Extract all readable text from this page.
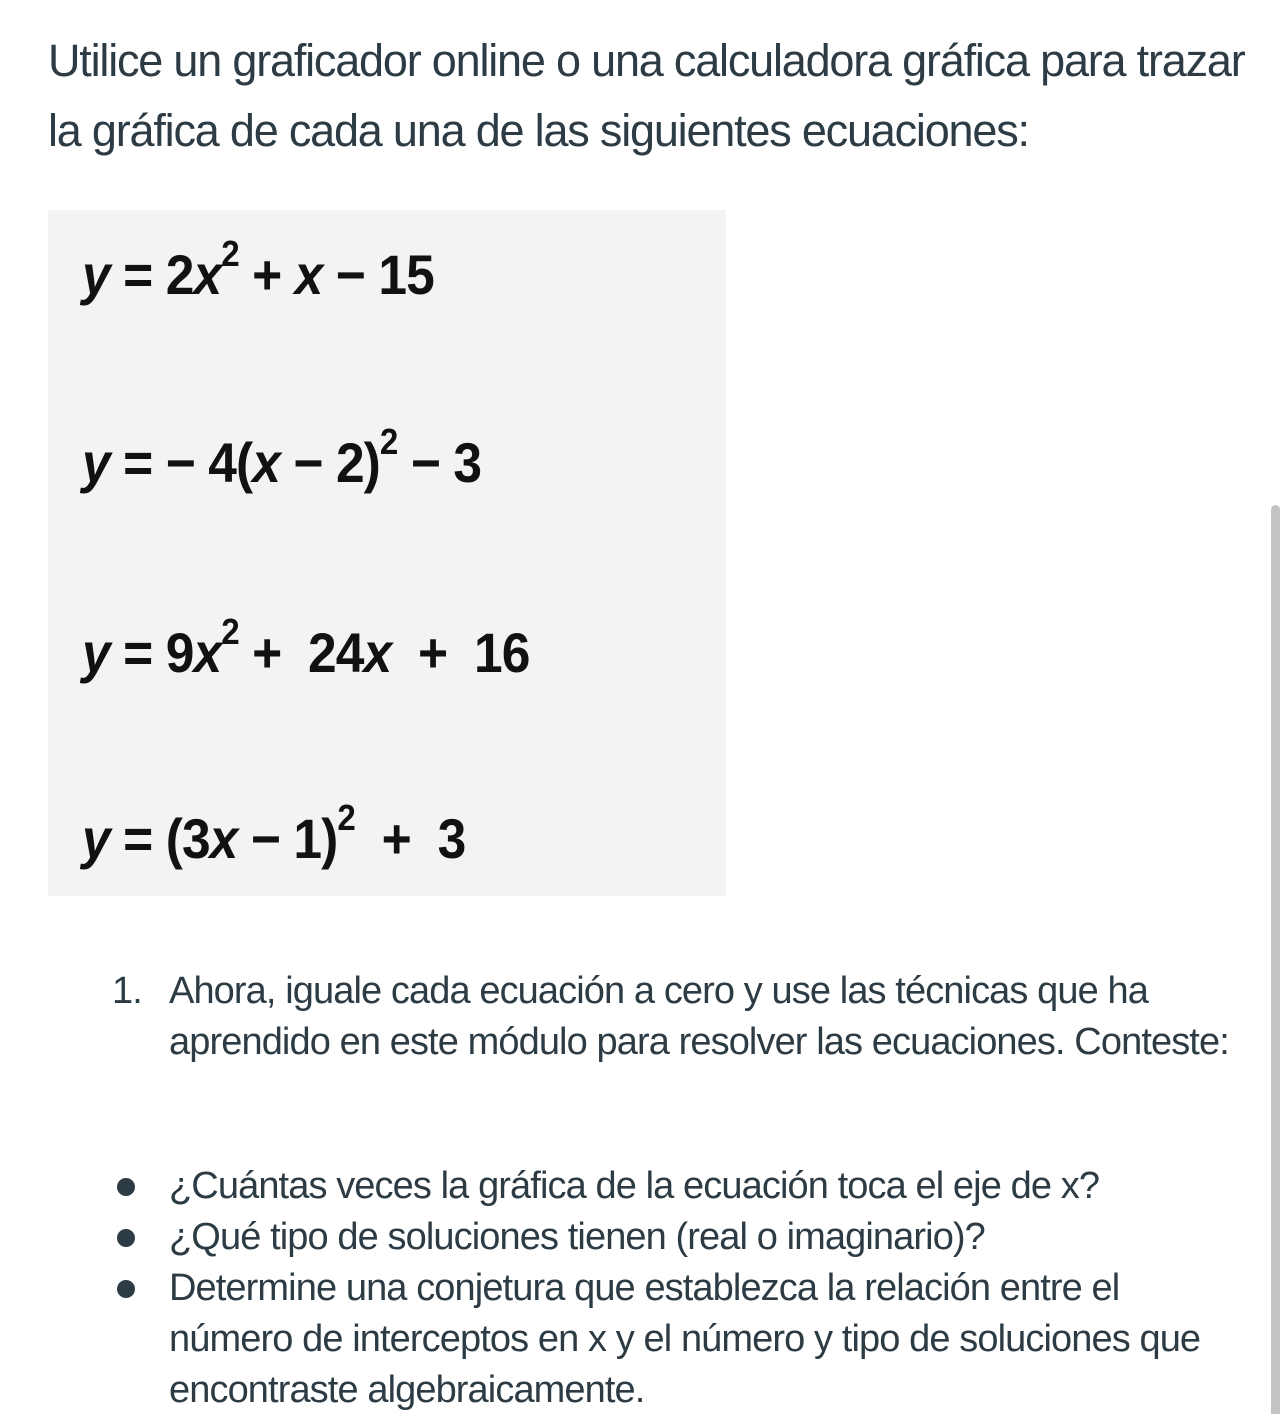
Utilice un graficador online o una calculadora gráfica para trazar la gráfica de cada una de las siguientes ecuaciones:

$y = 2x^2 + x - 15$
y = − $4(x - 2)^2 - 3$
$y = 9x^2 + 24x + 16$
$y = (3x - 1)^2 + 3$
1. Ahora, iguale cada ecuación a cero y use las técnicas que ha aprendido en este módulo para resolver las ecuaciones. Conteste:
¿Cuántas veces la gráfica de la ecuación toca el eje de x?
¿Qué tipo de soluciones tienen (real o imaginario)?
Determine una conjetura que establezca la relación entre el número de interceptos en x y el número y tipo de soluciones que encontraste algebraicamente.
